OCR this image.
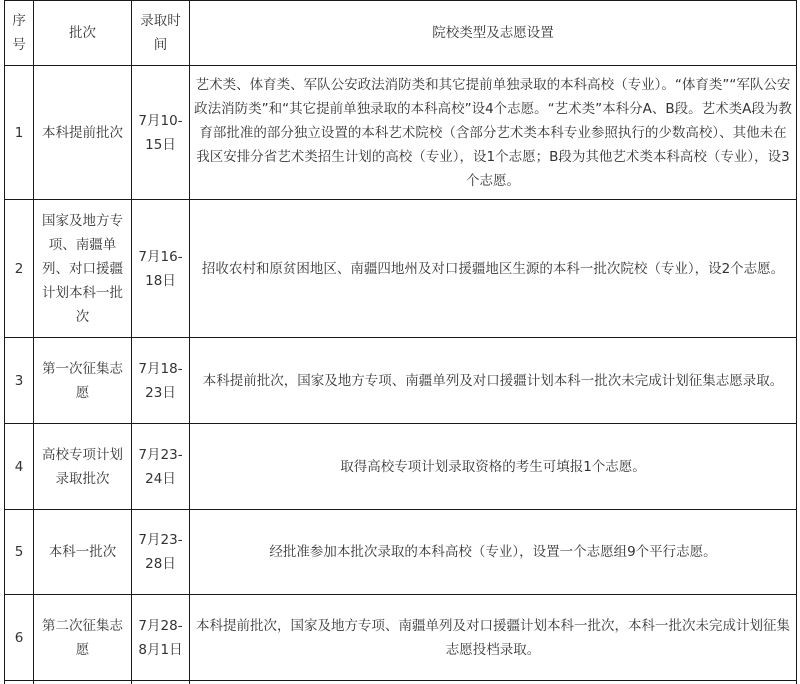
序号	批次	录取时间	院校类型及志愿设置
1	本科提前批次	7月10-15日	艺术类、体育类、军队公安政法消防类和其它提前单独录取的本科高校（专业）。“体育类”“军队公安政法消防类”和“其它提前单独录取的本科高校”设4个志愿。“艺术类”本科分A、B段。艺术类A段为教育部批准的部分独立设置的本科艺术院校（含部分艺术类本科专业参照执行的少数高校）、其他未在我区安排分省艺术类招生计划的高校（专业），设1个志愿；B段为其他艺术类本科高校（专业），设3个志愿。
2	国家及地方专项、南疆单列、对口援疆计划本科一批次	7月16-18日	招收农村和原贫困地区、南疆四地州及对口援疆地区生源的本科一批次院校（专业），设2个志愿。
3	第一次征集志愿	7月18-23日	本科提前批次，国家及地方专项、南疆单列及对口援疆计划本科一批次未完成计划征集志愿录取。
4	高校专项计划录取批次	7月23-24日	取得高校专项计划录取资格的考生可填报1个志愿。
5	本科一批次	7月23-28日	经批准参加本批次录取的本科高校（专业），设置一个志愿组9个平行志愿。
6	第二次征集志愿	7月28-8月1日	本科提前批次，国家及地方专项、南疆单列及对口援疆计划本科一批次，本科一批次未完成计划征集志愿投档录取。
